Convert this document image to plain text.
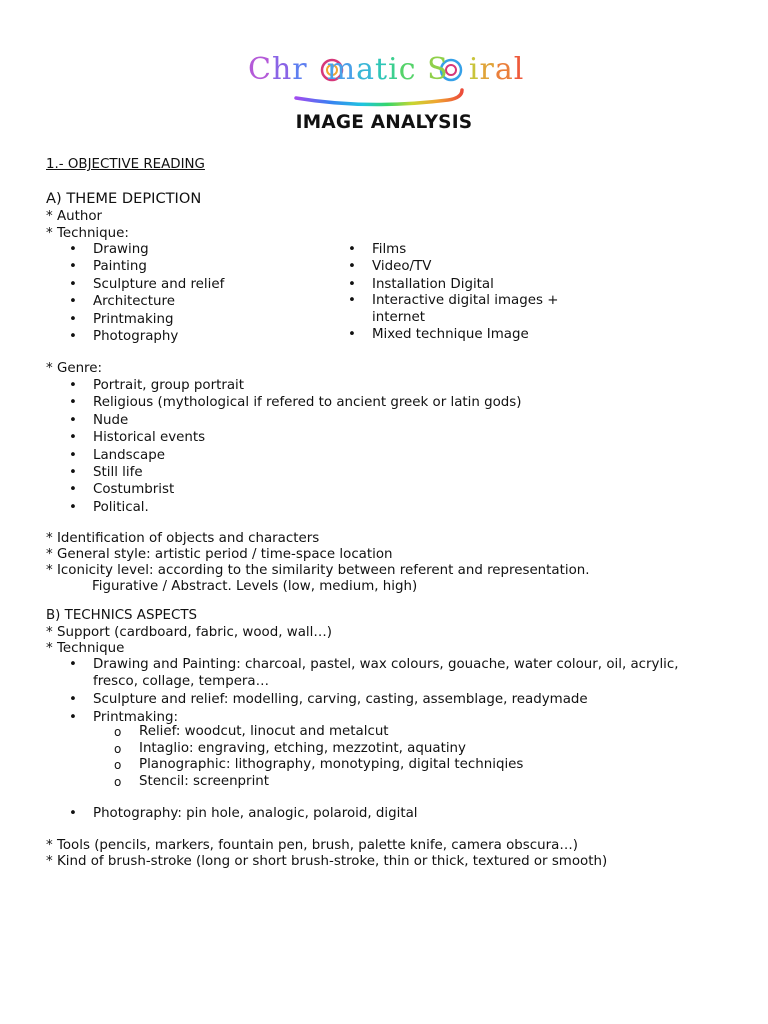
Chr matic S iral
IMAGE ANALYSIS
1.- OBJECTIVE READING
A) THEME DEPICTION
* Author
* Technique:
• Drawing
• Painting
• Sculpture and relief
• Architecture
• Printmaking
• Photography
• Films
• Video/TV
• Installation Digital
• Interactive digital images +
internet
• Mixed technique Image
* Genre:
• Portrait, group portrait
• Religious (mythological if refered to ancient greek or latin gods)
• Nude
• Historical events
• Landscape
• Still life
• Costumbrist
• Political.
* Identification of objects and characters
* General style: artistic period / time-space location
* Iconicity level: according to the similarity between referent and representation.
Figurative / Abstract. Levels (low, medium, high)
B) TECHNICS ASPECTS
* Support (cardboard, fabric, wood, wall…)
* Technique
• Drawing and Painting: charcoal, pastel, wax colours, gouache, water colour, oil, acrylic,
fresco, collage, tempera…
• Sculpture and relief: modelling, carving, casting, assemblage, readymade
• Printmaking:
o Relief: woodcut, linocut and metalcut
o Intaglio: engraving, etching, mezzotint, aquatiny
o Planographic: lithography, monotyping, digital techniqies
o Stencil: screenprint
• Photography: pin hole, analogic, polaroid, digital
* Tools (pencils, markers, fountain pen, brush, palette knife, camera obscura…)
* Kind of brush-stroke (long or short brush-stroke, thin or thick, textured or smooth)
